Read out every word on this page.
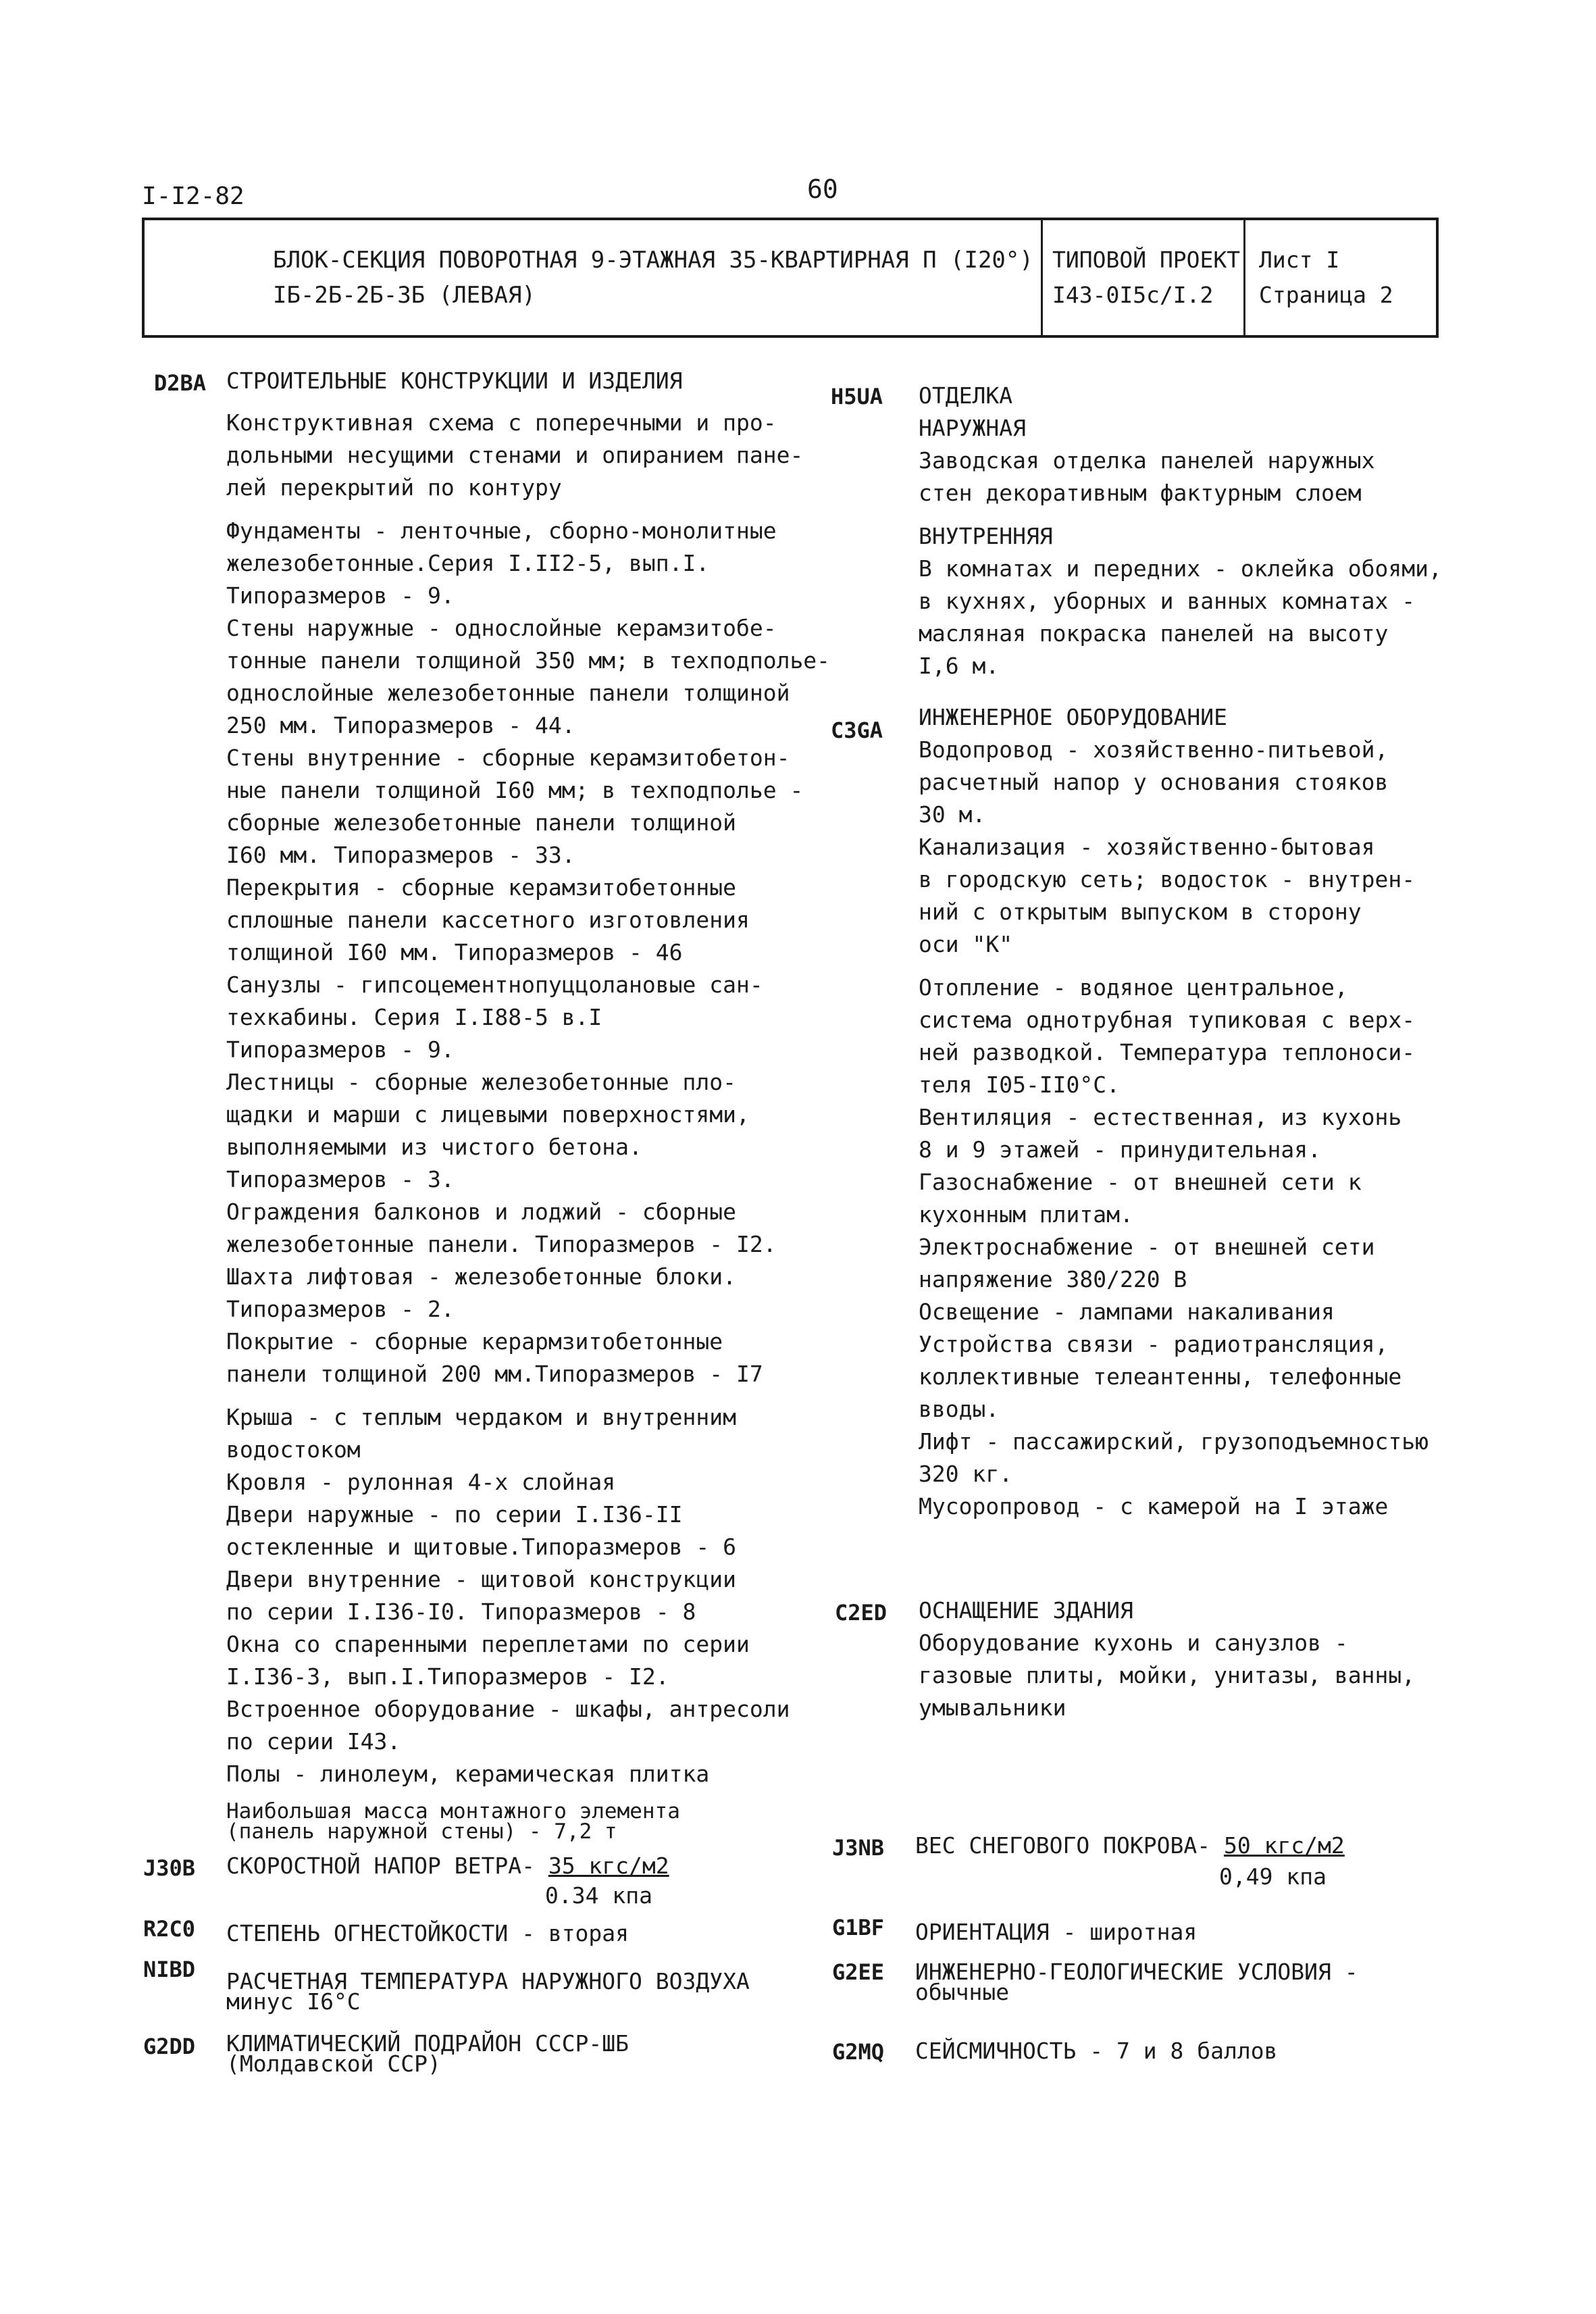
I-I2-82	60
БЛОК-СЕКЦИЯ ПОВОРОТНАЯ 9-ЭТАЖНАЯ 35-КВАРТИРНАЯ П (I20°)
IБ-2Б-2Б-3Б (ЛЕВАЯ)
ТИПОВОЙ ПРОЕКТ
I43-0I5с/I.2
Лист I
Страница 2
D2BA СТРОИТЕЛЬНЫЕ КОНСТРУКЦИИ И ИЗДЕЛИЯ
Конструктивная схема с поперечными и про-
дольными несущими стенами и опиранием пане-
лей перекрытий по контуру
Фундаменты - ленточные, сборно-монолитные
железобетонные.Серия I.II2-5, вып.I.
Типоразмеров - 9.
Стены наружные - однослойные керамзитобе-
тонные панели толщиной 350 мм; в техподполье-
однослойные железобетонные панели толщиной
250 мм. Типоразмеров - 44.
Стены внутренние - сборные керамзитобетон-
ные панели толщиной I60 мм; в техподполье -
сборные железобетонные панели толщиной
I60 мм. Типоразмеров - 33.
Перекрытия - сборные керамзитобетонные
сплошные панели кассетного изготовления
толщиной I60 мм. Типоразмеров - 46
Санузлы - гипсоцементнопуццолановые сан-
техкабины. Серия I.I88-5 в.I
Типоразмеров - 9.
Лестницы - сборные железобетонные пло-
щадки и марши с лицевыми поверхностями,
выполняемыми из чистого бетона.
Типоразмеров - 3.
Ограждения балконов и лоджий - сборные
железобетонные панели. Типоразмеров - I2.
Шахта лифтовая - железобетонные блоки.
Типоразмеров - 2.
Покрытие - сборные керармзитобетонные
панели толщиной 200 мм.Типоразмеров - I7
Крыша - с теплым чердаком и внутренним
водостоком
Кровля - рулонная 4-х слойная
Двери наружные - по серии I.I36-II
остекленные и щитовые.Типоразмеров - 6
Двери внутренние - щитовой конструкции
по серии I.I36-I0. Типоразмеров - 8
Окна со спаренными переплетами по серии
I.I36-3, вып.I.Типоразмеров - I2.
Встроенное оборудование - шкафы, антресоли
по серии I43.
Полы - линолеум, керамическая плитка
Наибольшая масса монтажного элемента
(панель наружной стены) - 7,2 т
H5UA ОТДЕЛКА
НАРУЖНАЯ
Заводская отделка панелей наружных
стен декоративным фактурным слоем
ВНУТРЕННЯЯ
В комнатах и передних - оклейка обоями,
в кухнях, уборных и ванных комнатах -
масляная покраска панелей на высоту
I,6 м.
C3GA ИНЖЕНЕРНОЕ ОБОРУДОВАНИЕ
Водопровод - хозяйственно-питьевой,
расчетный напор у основания стояков
30 м.
Канализация - хозяйственно-бытовая
в городскую сеть; водосток - внутрен-
ний с открытым выпуском в сторону
оси "К"
Отопление - водяное центральное,
система однотрубная тупиковая с верх-
ней разводкой. Температура теплоноси-
теля I05-II0°С.
Вентиляция - естественная, из кухонь
8 и 9 этажей - принудительная.
Газоснабжение - от внешней сети к
кухонным плитам.
Электроснабжение - от внешней сети
напряжение 380/220 В
Освещение - лампами накаливания
Устройства связи - радиотрансляция,
коллективные телеантенны, телефонные
вводы.
Лифт - пассажирский, грузоподъемностью
320 кг.
Мусоропровод - с камерой на I этаже
C2ED ОСНАЩЕНИЕ ЗДАНИЯ
Оборудование кухонь и санузлов -
газовые плиты, мойки, унитазы, ванны,
умывальники
J30B СКОРОСТНОЙ НАПОР ВЕТРА- 35 кгс/м2
0.34 кпа
J3NB ВЕС СНЕГОВОГО ПОКРОВА- 50 кгс/м2
0,49 кпа
R2C0 СТЕПЕНЬ ОГНЕСТОЙКОСТИ - вторая	G1BF ОРИЕНТАЦИЯ - широтная
NIBD РАСЧЕТНАЯ ТЕМПЕРАТУРА НАРУЖНОГО ВОЗДУХА
минус I6°С
G2EE ИНЖЕНЕРНО-ГЕОЛОГИЧЕСКИЕ УСЛОВИЯ -
обычные
G2DD КЛИМАТИЧЕСКИЙ ПОДРАЙОН СССР-ШБ
(Молдавской ССР)	G2MQ СЕЙСМИЧНОСТЬ - 7 и 8 баллов
